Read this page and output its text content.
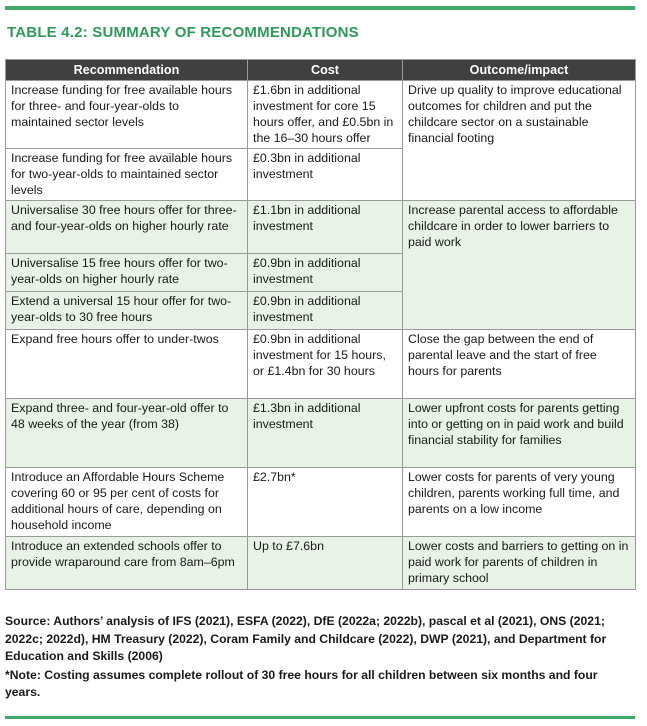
TABLE 4.2: SUMMARY OF RECOMMENDATIONS
Recommendation	Cost	Outcome/impact
Increase funding for free available hours for three- and four-year-olds to maintained sector levels	£1.6bn in additional investment for core 15 hours offer, and £0.5bn in the 16–30 hours offer	Drive up quality to improve educational outcomes for children and put the childcare sector on a sustainable financial footing
Increase funding for free available hours for two-year-olds to maintained sector levels	£0.3bn in additional investment	
Universalise 30 free hours offer for three- and four-year-olds on higher hourly rate	£1.1bn in additional investment	Increase parental access to affordable childcare in order to lower barriers to paid work
Universalise 15 free hours offer for two-year-olds on higher hourly rate	£0.9bn in additional investment	
Extend a universal 15 hour offer for two-year-olds to 30 free hours	£0.9bn in additional investment	
Expand free hours offer to under-twos	£0.9bn in additional investment for 15 hours, or £1.4bn for 30 hours	Close the gap between the end of parental leave and the start of free hours for parents
Expand three- and four-year-old offer to 48 weeks of the year (from 38)	£1.3bn in additional investment	Lower upfront costs for parents getting into or getting on in paid work and build financial stability for families
Introduce an Affordable Hours Scheme covering 60 or 95 per cent of costs for additional hours of care, depending on household income	£2.7bn*	Lower costs for parents of very young children, parents working full time, and parents on a low income
Introduce an extended schools offer to provide wraparound care from 8am–6pm	Up to £7.6bn	Lower costs and barriers to getting on in paid work for parents of children in primary school

Source: Authors’ analysis of IFS (2021), ESFA (2022), DfE (2022a; 2022b), pascal et al (2021), ONS (2021; 2022c; 2022d), HM Treasury (2022), Coram Family and Childcare (2022), DWP (2021), and Department for Education and Skills (2006)

*Note: Costing assumes complete rollout of 30 free hours for all children between six months and four years.
